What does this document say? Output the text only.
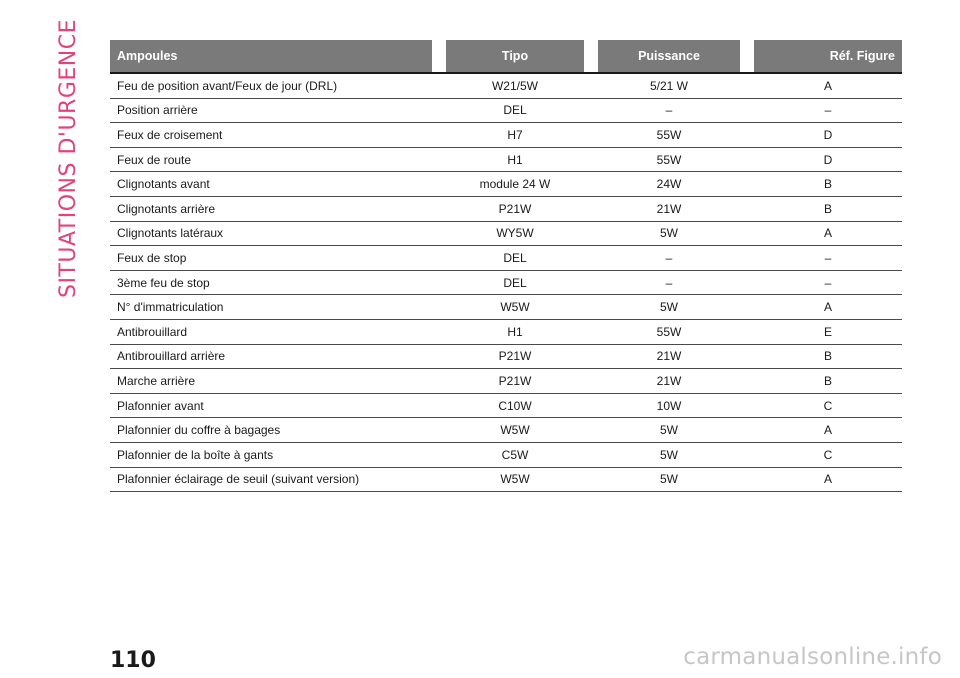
SITUATIONS D'URGENCE	Ampoules		Tipo		Puissance		Réf. Figure
Feu de position avant/Feux de jour (DRL)		W21/5W		5/21 W		A
Position arrière		DEL		–		–
Feux de croisement		H7		55W		D
Feux de route		H1		55W		D
Clignotants avant		module 24 W		24W		B
Clignotants arrière		P21W		21W		B
Clignotants latéraux		WY5W		5W		A
Feux de stop		DEL		–		–
3ème feu de stop		DEL		–		–
N° d'immatriculation		W5W		5W		A
Antibrouillard		H1		55W		E
Antibrouillard arrière		P21W		21W		B
Marche arrière		P21W		21W		B
Plafonnier avant		C10W		10W		C
Plafonnier du coffre à bagages		W5W		5W		A
Plafonnier de la boîte à gants		C5W		5W		C
Plafonnier éclairage de seuil (suivant version)		W5W		5W		A
110	carmanualsonline.info
